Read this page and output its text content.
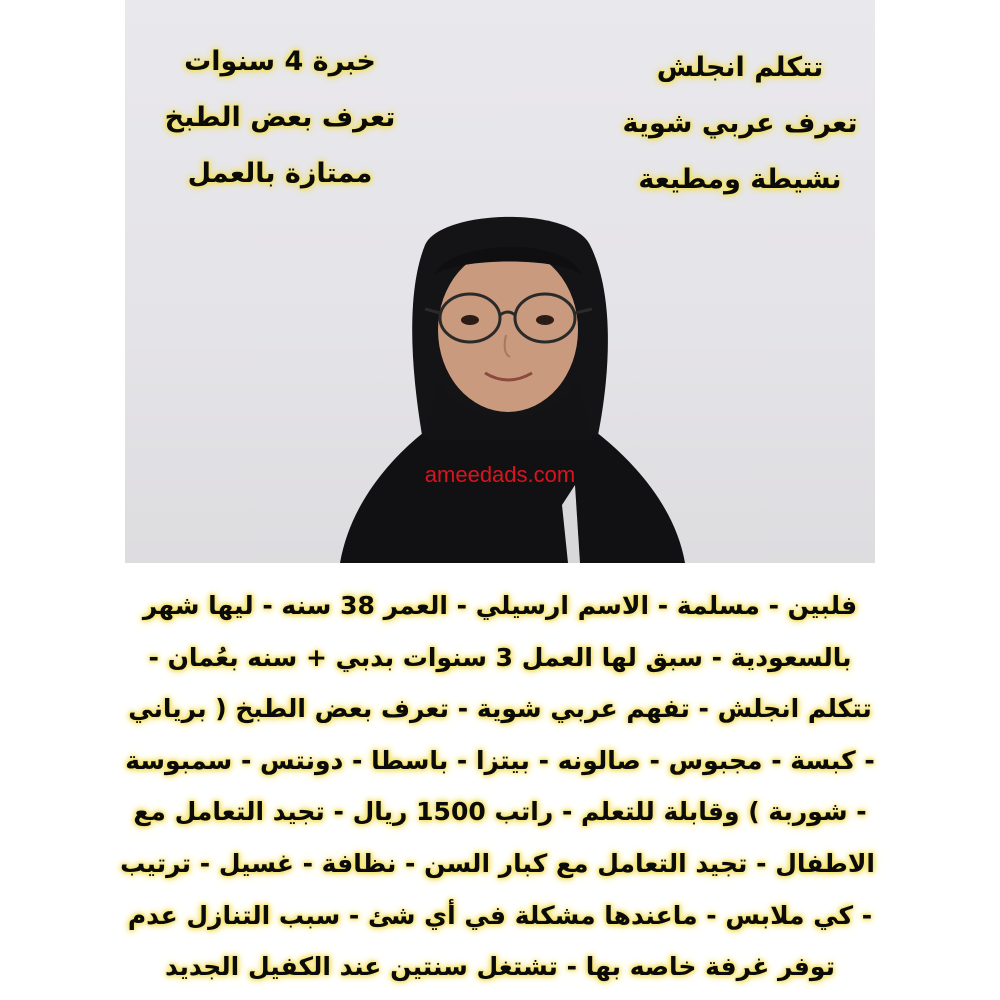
خبرة 4 سنوات
تعرف بعض الطبخ
ممتازة بالعمل
تتكلم انجلش
تعرف عربي شوية
نشيطة ومطيعة
ameedads.com
فلبين - مسلمة - الاسم ارسيلي - العمر 38 سنه - ليها شهر
بالسعودية - سبق لها العمل 3 سنوات بدبي + سنه بعُمان -
تتكلم انجلش - تفهم عربي شوية - تعرف بعض الطبخ ( برياني
- كبسة - مجبوس - صالونه - بيتزا - باسطا - دونتس - سمبوسة
- شوربة ) وقابلة للتعلم - راتب 1500 ريال - تجيد التعامل مع
الاطفال - تجيد التعامل مع كبار السن - نظافة - غسيل - ترتيب
- كي ملابس - ماعندها مشكلة في أي شئ - سبب التنازل عدم
توفر غرفة خاصه بها - تشتغل سنتين عند الكفيل الجديد
